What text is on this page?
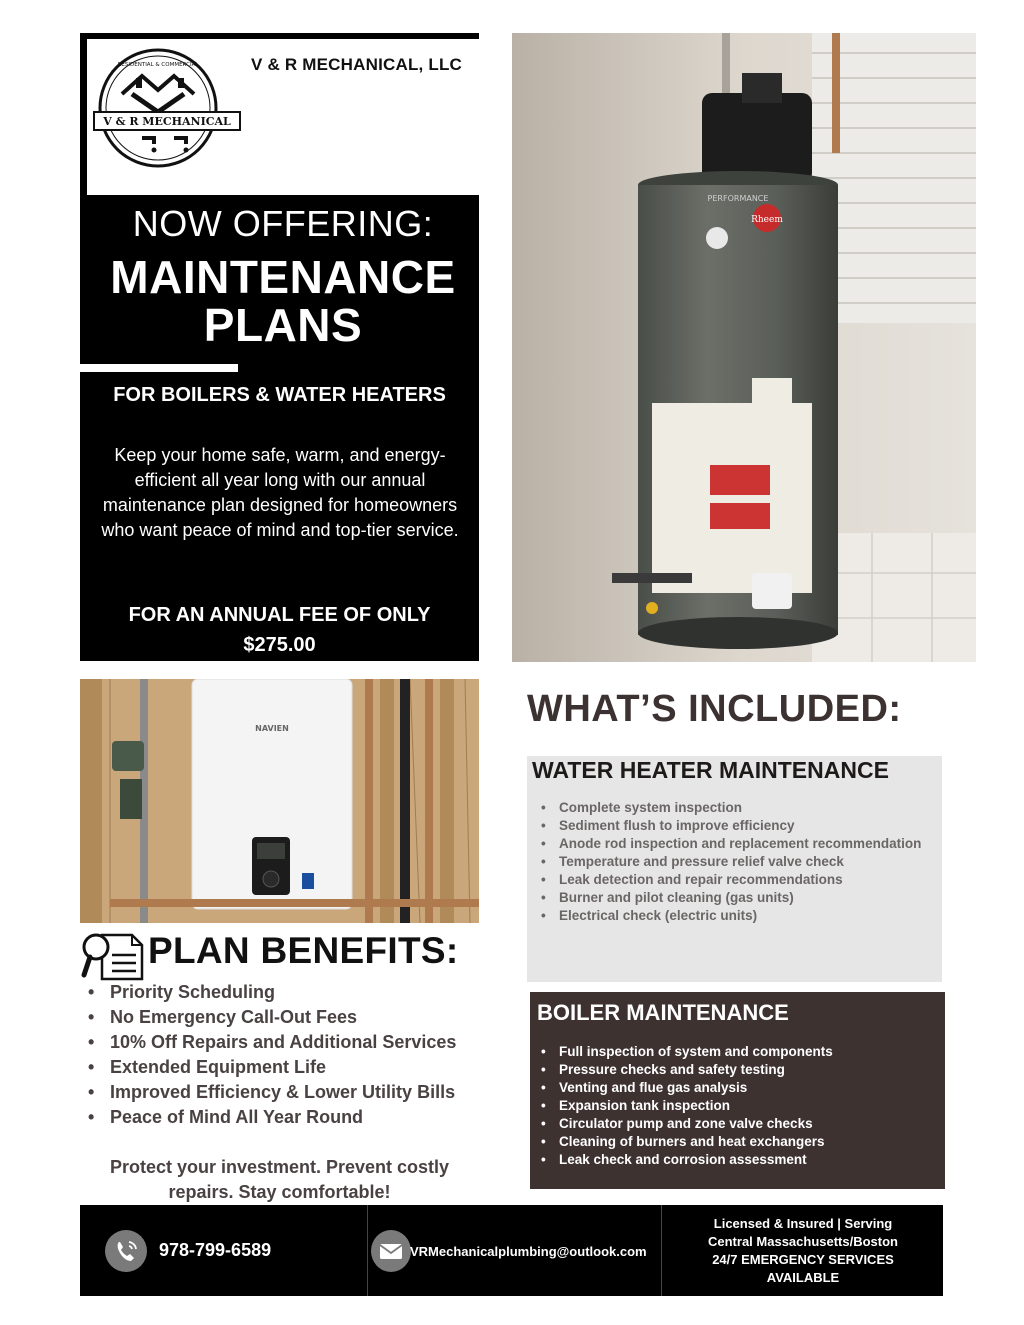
V & R MECHANICAL
RESIDENTIAL & COMMERCIAL	V & R MECHANICAL, LLC
NOW OFFERING:
MAINTENANCE
PLANS
FOR BOILERS & WATER HEATERS
Keep your home safe, warm, and energy-efficient all year long with our annual maintenance plan designed for homeowners who want peace of mind and top-tier service.
FOR AN ANNUAL FEE OF ONLY
$275.00
Rheem
PERFORMANCE
NAVIEN	WHAT’S INCLUDED:
WATER HEATER MAINTENANCE
• Complete system inspection
• Sediment flush to improve efficiency
• Anode rod inspection and replacement recommendation
• Temperature and pressure relief valve check
• Leak detection and repair recommendations
• Burner and pilot cleaning (gas units)
• Electrical check (electric units)
BOILER MAINTENANCE
• Full inspection of system and components
• Pressure checks and safety testing
• Venting and flue gas analysis
• Expansion tank inspection
• Circulator pump and zone valve checks
• Cleaning of burners and heat exchangers
• Leak check and corrosion assessment
PLAN BENEFITS:
• Priority Scheduling
• No Emergency Call-Out Fees
• 10% Off Repairs and Additional Services
• Extended Equipment Life
• Improved Efficiency & Lower Utility Bills
• Peace of Mind All Year Round
Protect your investment. Prevent costly
repairs. Stay comfortable!
978-799-6589	VRMechanicalplumbing@outlook.com
Licensed & Insured | Serving
Central Massachusetts/Boston
24/7 EMERGENCY SERVICES
AVAILABLE
